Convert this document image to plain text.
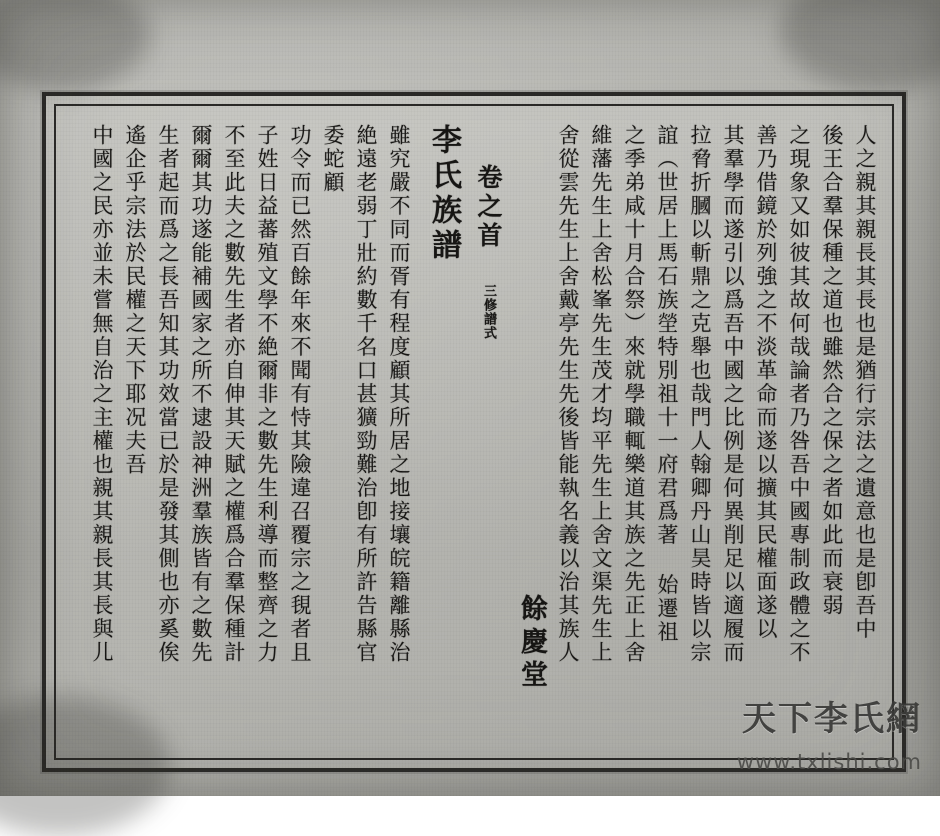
人之親其親長其長也是猶行宗法之遺意也是卽吾中
後王合羣保種之道也雖然合之保之者如此而衰弱
之現象又如彼其故何哉論者乃咎吾中國專制政體之不
善乃借鏡於列強之不淡革命而遂以擴其民權面遂以
其羣學而遂引以爲吾中國之比例是何異削足以適履而
拉脅折膕以斬鼎之克舉也哉門人翰卿丹山昊時皆以宗
誼（世居上馬石族塋特別祖十一府君爲著 始遷祖
之季弟咸十月合祭）來就學職輒樂道其族之先正上舍
維藩先生上舍松峯先生茂才均平先生上舍文渠先生上
舍從雲先生上舍戴亭先生先後皆能執名義以治其族人
餘慶堂
卷之首 三修譜式
李氏族譜
雖究嚴不同而胥有程度顧其所居之地接壤皖籍離縣治
絶遠老弱丁壯約數千名口甚獷勁難治卽有所許告縣官
委蛇顧
功令而已然百餘年來不聞有恃其險違召覆宗之覒者且
子姓日益蕃殖文學不絶爾非之數先生利導而整齊之力
不至此夫之數先生者亦自伸其天賦之權爲合羣保種計
爾爾其功遂能補國家之所不逮設神洲羣族皆有之數先
生者起而爲之長吾知其功效當已於是發其側也亦奚俟
遙企乎宗法於民權之天下耶况夫吾
中國之民亦並未嘗無自治之主權也親其親長其長與儿
天下李氏網
www.txlishi.com
